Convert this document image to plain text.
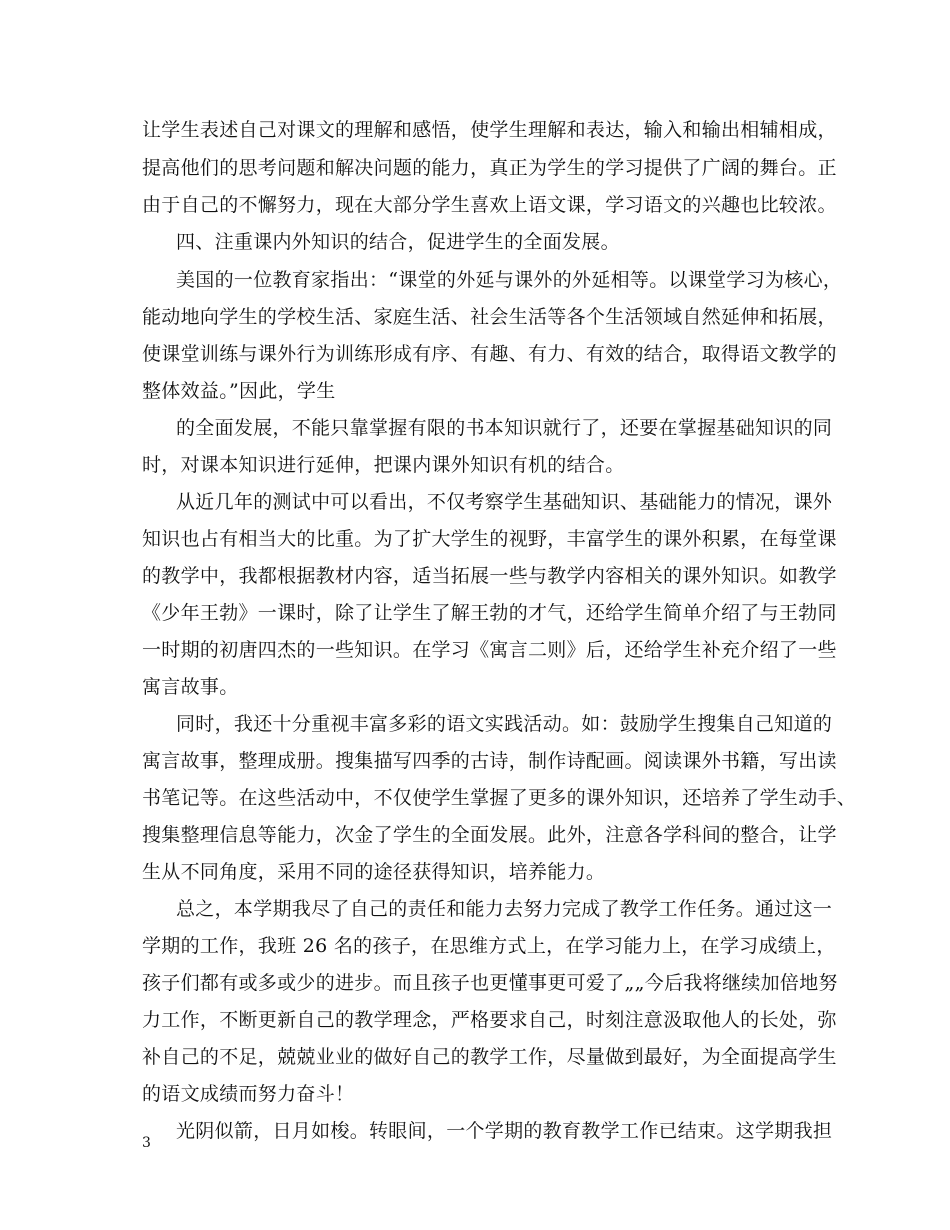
让学生表述自己对课文的理解和感悟，使学生理解和表达，输入和输出相辅相成，
提高他们的思考问题和解决问题的能力，真正为学生的学习提供了广阔的舞台。正
由于自己的不懈努力，现在大部分学生喜欢上语文课，学习语文的兴趣也比较浓。
四、注重课内外知识的结合，促进学生的全面发展。
美国的一位教育家指出：“课堂的外延与课外的外延相等。以课堂学习为核心，
能动地向学生的学校生活、家庭生活、社会生活等各个生活领域自然延伸和拓展，
使课堂训练与课外行为训练形成有序、有趣、有力、有效的结合，取得语文教学的
整体效益。”因此，学生
的全面发展，不能只靠掌握有限的书本知识就行了，还要在掌握基础知识的同
时，对课本知识进行延伸，把课内课外知识有机的结合。
从近几年的测试中可以看出，不仅考察学生基础知识、基础能力的情况，课外
知识也占有相当大的比重。为了扩大学生的视野，丰富学生的课外积累，在每堂课
的教学中，我都根据教材内容，适当拓展一些与教学内容相关的课外知识。如教学
《少年王勃》一课时，除了让学生了解王勃的才气，还给学生简单介绍了与王勃同
一时期的初唐四杰的一些知识。在学习《寓言二则》后，还给学生补充介绍了一些
寓言故事。
同时，我还十分重视丰富多彩的语文实践活动。如：鼓励学生搜集自己知道的
寓言故事，整理成册。搜集描写四季的古诗，制作诗配画。阅读课外书籍，写出读
书笔记等。在这些活动中，不仅使学生掌握了更多的课外知识，还培养了学生动手、
搜集整理信息等能力，次金了学生的全面发展。此外，注意各学科间的整合，让学
生从不同角度，采用不同的途径获得知识，培养能力。
总之，本学期我尽了自己的责任和能力去努力完成了教学工作任务。通过这一
学期的工作，我班 26 名的孩子，在思维方式上，在学习能力上，在学习成绩上，
孩子们都有或多或少的进步。而且孩子也更懂事更可爱了„„今后我将继续加倍地努
力工作，不断更新自己的教学理念，严格要求自己，时刻注意汲取他人的长处，弥
补自己的不足，兢兢业业的做好自己的教学工作，尽量做到最好，为全面提高学生
的语文成绩而努力奋斗！
光阴似箭，日月如梭。转眼间，一个学期的教育教学工作已结束。这学期我担
3
